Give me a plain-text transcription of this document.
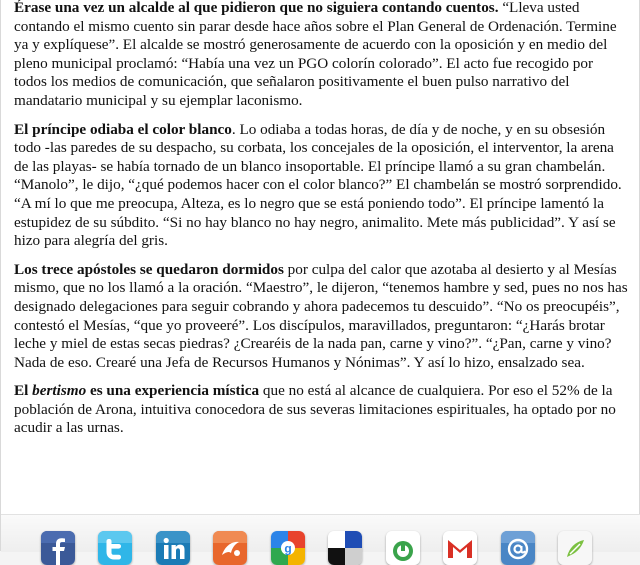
Érase una vez un alcalde al que pidieron que no siguiera contando cuentos. “Lleva usted contando el mismo cuento sin parar desde hace años sobre el Plan General de Ordenación. Termine ya y explíquese”. El alcalde se mostró generosamente de acuerdo con la oposición y en medio del pleno municipal proclamó: “Había una vez un PGO colorín colorado”. El acto fue recogido por todos los medios de comunicación, que señalaron positivamente el buen pulso narrativo del mandatario municipal y su ejemplar laconismo.

El príncipe odiaba el color blanco. Lo odiaba a todas horas, de día y de noche, y en su obsesión todo -las paredes de su despacho, su corbata, los concejales de la oposición, el interventor, la arena de las playas- se había tornado de un blanco insoportable. El príncipe llamó a su gran chambelán. “Manolo”, le dijo, “¿qué podemos hacer con el color blanco?” El chambelán se mostró sorprendido. “A mí lo que me preocupa, Alteza, es lo negro que se está poniendo todo”. El príncipe lamentó la estupidez de su súbdito. “Si no hay blanco no hay negro, animalito. Mete más publicidad”. Y así se hizo para alegría del gris.

Los trece apóstoles se quedaron dormidos por culpa del calor que azotaba al desierto y al Mesías mismo, que no los llamó a la oración. “Maestro”, le dijeron, “tenemos hambre y sed, pues no nos has designado delegaciones para seguir cobrando y ahora padecemos tu descuido”. “No os preocupéis”, contestó el Mesías, “que yo proveeré”. Los discípulos, maravillados, preguntaron: “¿Harás brotar leche y miel de estas secas piedras? ¿Crearéis de la nada pan, carne y vino?”. “¿Pan, carne y vino? Nada de eso. Crearé una Jefa de Recursos Humanos y Nónimas”. Y así lo hizo, ensalzado sea.

El bertismo es una experiencia mística que no está al alcance de cualquiera. Por eso el 52% de la población de Arona, intuitiva conocedora de sus severas limitaciones espirituales, ha optado por no acudir a las urnas.

g
